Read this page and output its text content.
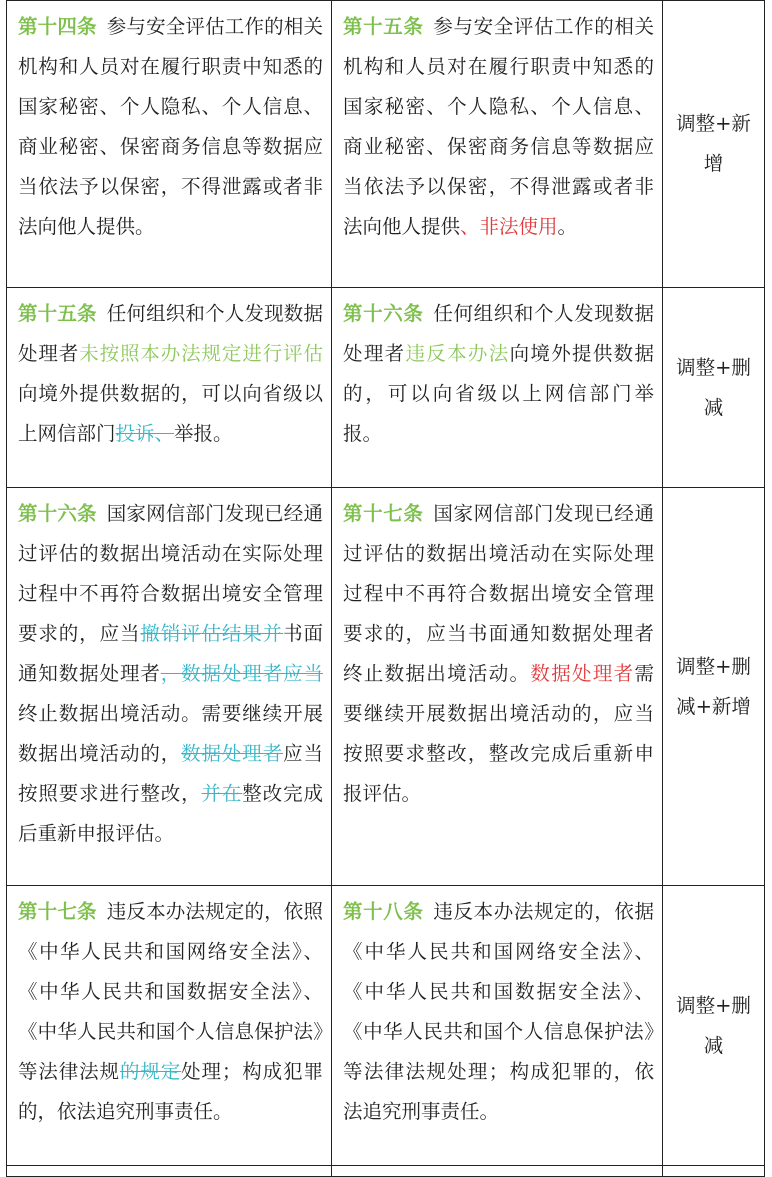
第十四条 参与安全评估工作的相关机构和人员对在履行职责中知悉的国家秘密、个人隐私、个人信息、商业秘密、保密商务信息等数据应当依法予以保密，不得泄露或者非法向他人提供。	第十五条 参与安全评估工作的相关机构和人员对在履行职责中知悉的国家秘密、个人隐私、个人信息、商业秘密、保密商务信息等数据应当依法予以保密，不得泄露或者非法向他人提供、非法使用。	调整+新增
第十五条 任何组织和个人发现数据处理者未按照本办法规定进行评估向境外提供数据的，可以向省级以上网信部门投诉、举报。	第十六条 任何组织和个人发现数据处理者违反本办法向境外提供数据的，可以向省级以上网信部门举报。	调整+删减
第十六条 国家网信部门发现已经通过评估的数据出境活动在实际处理过程中不再符合数据出境安全管理要求的，应当撤销评估结果并书面通知数据处理者，数据处理者应当终止数据出境活动。需要继续开展数据出境活动的，数据处理者应当按照要求进行整改，并在整改完成后重新申报评估。	第十七条 国家网信部门发现已经通过评估的数据出境活动在实际处理过程中不再符合数据出境安全管理要求的，应当书面通知数据处理者终止数据出境活动。数据处理者需要继续开展数据出境活动的，应当按照要求整改，整改完成后重新申报评估。	调整+删减+新增
第十七条 违反本办法规定的，依照《中华人民共和国网络安全法》、《中华人民共和国数据安全法》、《中华人民共和国个人信息保护法》等法律法规的规定处理；构成犯罪的，依法追究刑事责任。	第十八条 违反本办法规定的，依据《中华人民共和国网络安全法》、《中华人民共和国数据安全法》、《中华人民共和国个人信息保护法》等法律法规处理；构成犯罪的，依法追究刑事责任。	调整+删减
